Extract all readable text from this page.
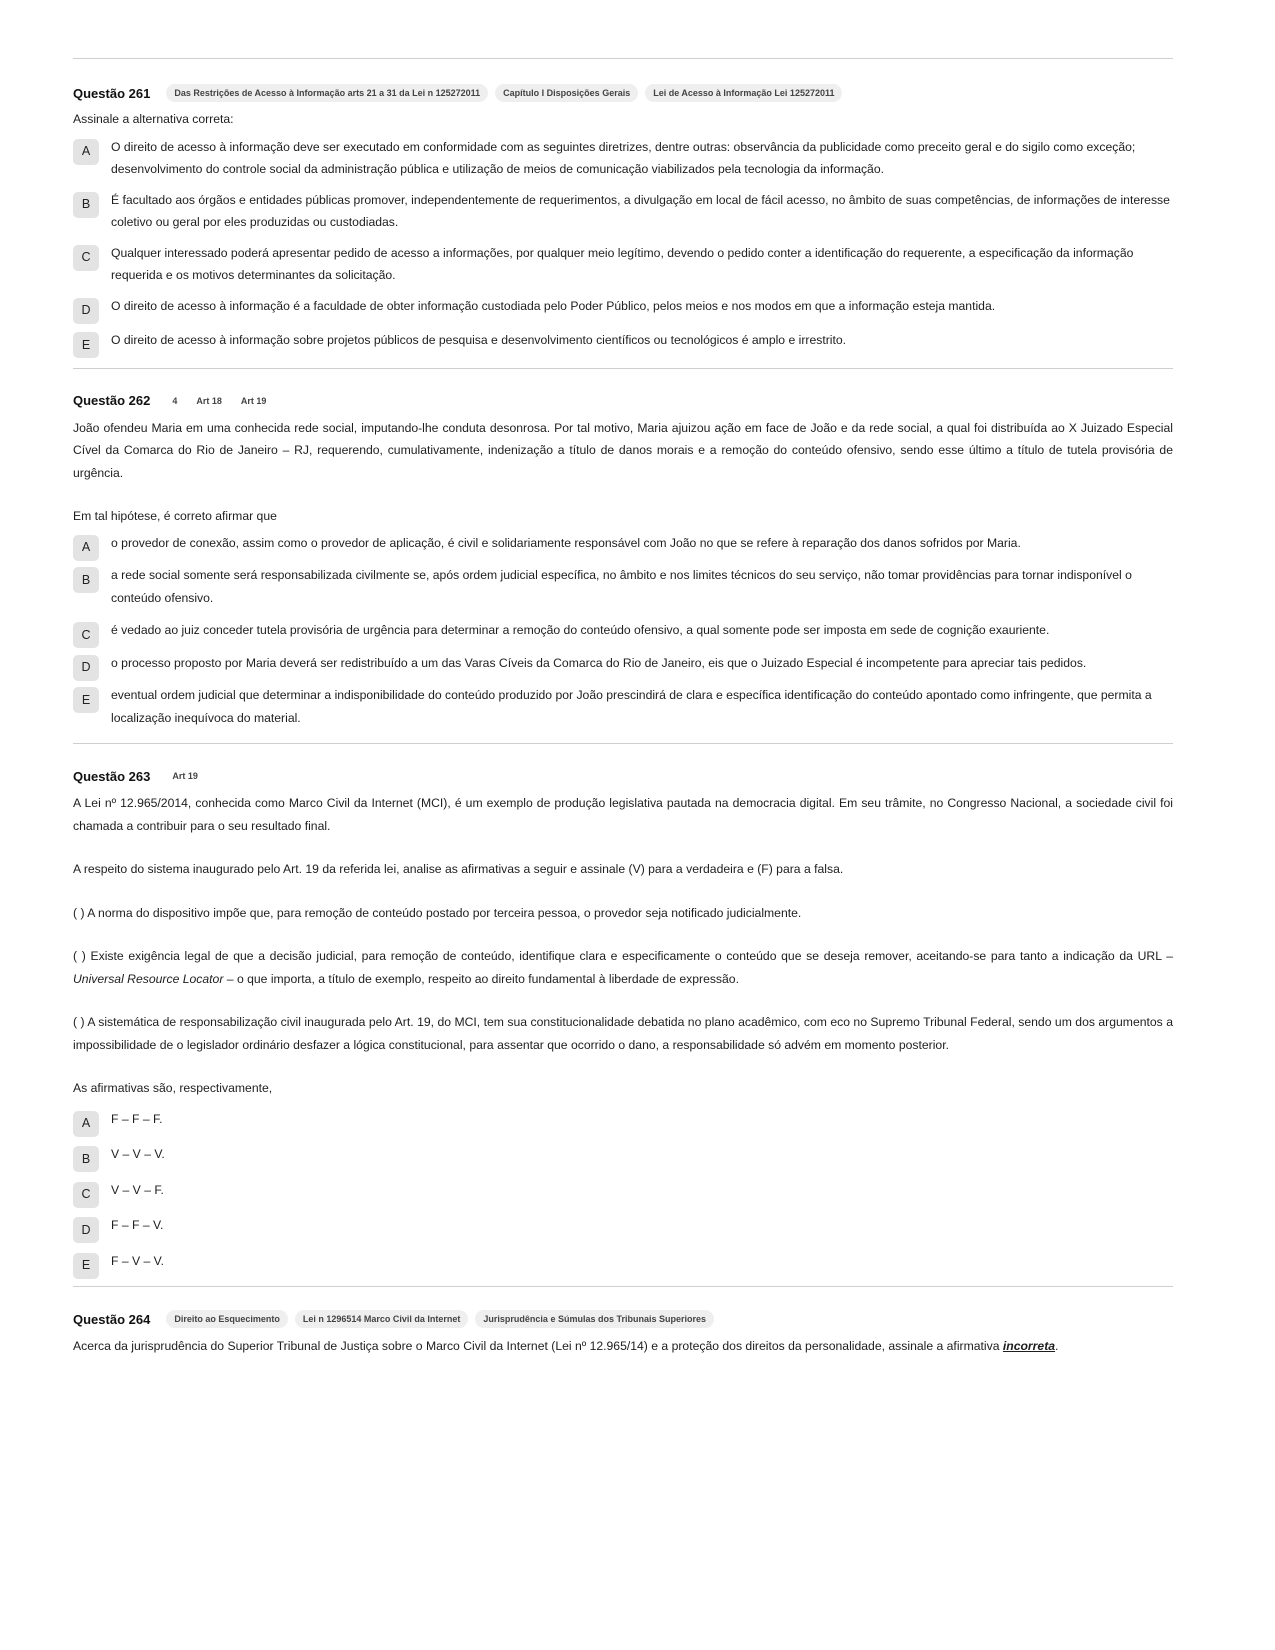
Questão 261	Das Restrições de Acesso à Informação arts 21 a 31 da Lei n 125272011	Capítulo I Disposições Gerais	Lei de Acesso à Informação Lei 125272011

Assinale a alternativa correta:

A	O direito de acesso à informação deve ser executado em conformidade com as seguintes diretrizes, dentre outras: observância da publicidade como preceito geral e do sigilo como exceção; desenvolvimento do controle social da administração pública e utilização de meios de comunicação viabilizados pela tecnologia da informação.
B	É facultado aos órgãos e entidades públicas promover, independentemente de requerimentos, a divulgação em local de fácil acesso, no âmbito de suas competências, de informações de interesse coletivo ou geral por eles produzidas ou custodiadas.
C	Qualquer interessado poderá apresentar pedido de acesso a informações, por qualquer meio legítimo, devendo o pedido conter a identificação do requerente, a especificação da informação requerida e os motivos determinantes da solicitação.
D	O direito de acesso à informação é a faculdade de obter informação custodiada pelo Poder Público, pelos meios e nos modos em que a informação esteja mantida.
E	O direito de acesso à informação sobre projetos públicos de pesquisa e desenvolvimento científicos ou tecnológicos é amplo e irrestrito.
Questão 262	4	Art 18	Art 19

João ofendeu Maria em uma conhecida rede social, imputando-lhe conduta desonrosa. Por tal motivo, Maria ajuizou ação em face de João e da rede social, a qual foi distribuída ao X Juizado Especial Cível da Comarca do Rio de Janeiro – RJ, requerendo, cumulativamente, indenização a título de danos morais e a remoção do conteúdo ofensivo, sendo esse último a título de tutela provisória de urgência.

Em tal hipótese, é correto afirmar que

A	o provedor de conexão, assim como o provedor de aplicação, é civil e solidariamente responsável com João no que se refere à reparação dos danos sofridos por Maria.
B	a rede social somente será responsabilizada civilmente se, após ordem judicial específica, no âmbito e nos limites técnicos do seu serviço, não tomar providências para tornar indisponível o conteúdo ofensivo.
C	é vedado ao juiz conceder tutela provisória de urgência para determinar a remoção do conteúdo ofensivo, a qual somente pode ser imposta em sede de cognição exauriente.
D	o processo proposto por Maria deverá ser redistribuído a um das Varas Cíveis da Comarca do Rio de Janeiro, eis que o Juizado Especial é incompetente para apreciar tais pedidos.
E	eventual ordem judicial que determinar a indisponibilidade do conteúdo produzido por João prescindirá de clara e específica identificação do conteúdo apontado como infringente, que permita a localização inequívoca do material.
Questão 263	Art 19

A Lei nº 12.965/2014, conhecida como Marco Civil da Internet (MCI), é um exemplo de produção legislativa pautada na democracia digital. Em seu trâmite, no Congresso Nacional, a sociedade civil foi chamada a contribuir para o seu resultado final.

A respeito do sistema inaugurado pelo Art. 19 da referida lei, analise as afirmativas a seguir e assinale (V) para a verdadeira e (F) para a falsa.

( ) A norma do dispositivo impõe que, para remoção de conteúdo postado por terceira pessoa, o provedor seja notificado judicialmente.

( ) Existe exigência legal de que a decisão judicial, para remoção de conteúdo, identifique clara e especificamente o conteúdo que se deseja remover, aceitando-se para tanto a indicação da URL – Universal Resource Locator – o que importa, a título de exemplo, respeito ao direito fundamental à liberdade de expressão.

( ) A sistemática de responsabilização civil inaugurada pelo Art. 19, do MCI, tem sua constitucionalidade debatida no plano acadêmico, com eco no Supremo Tribunal Federal, sendo um dos argumentos a impossibilidade de o legislador ordinário desfazer a lógica constitucional, para assentar que ocorrido o dano, a responsabilidade só advém em momento posterior.

As afirmativas são, respectivamente,

A	F – F – F.
B	V – V – V.
C	V – V – F.
D	F – F – V.
E	F – V – V.
Questão 264	Direito ao Esquecimento	Lei n 1296514 Marco Civil da Internet	Jurisprudência e Súmulas dos Tribunais Superiores

Acerca da jurisprudência do Superior Tribunal de Justiça sobre o Marco Civil da Internet (Lei nº 12.965/14) e a proteção dos direitos da personalidade, assinale a afirmativa incorreta.
